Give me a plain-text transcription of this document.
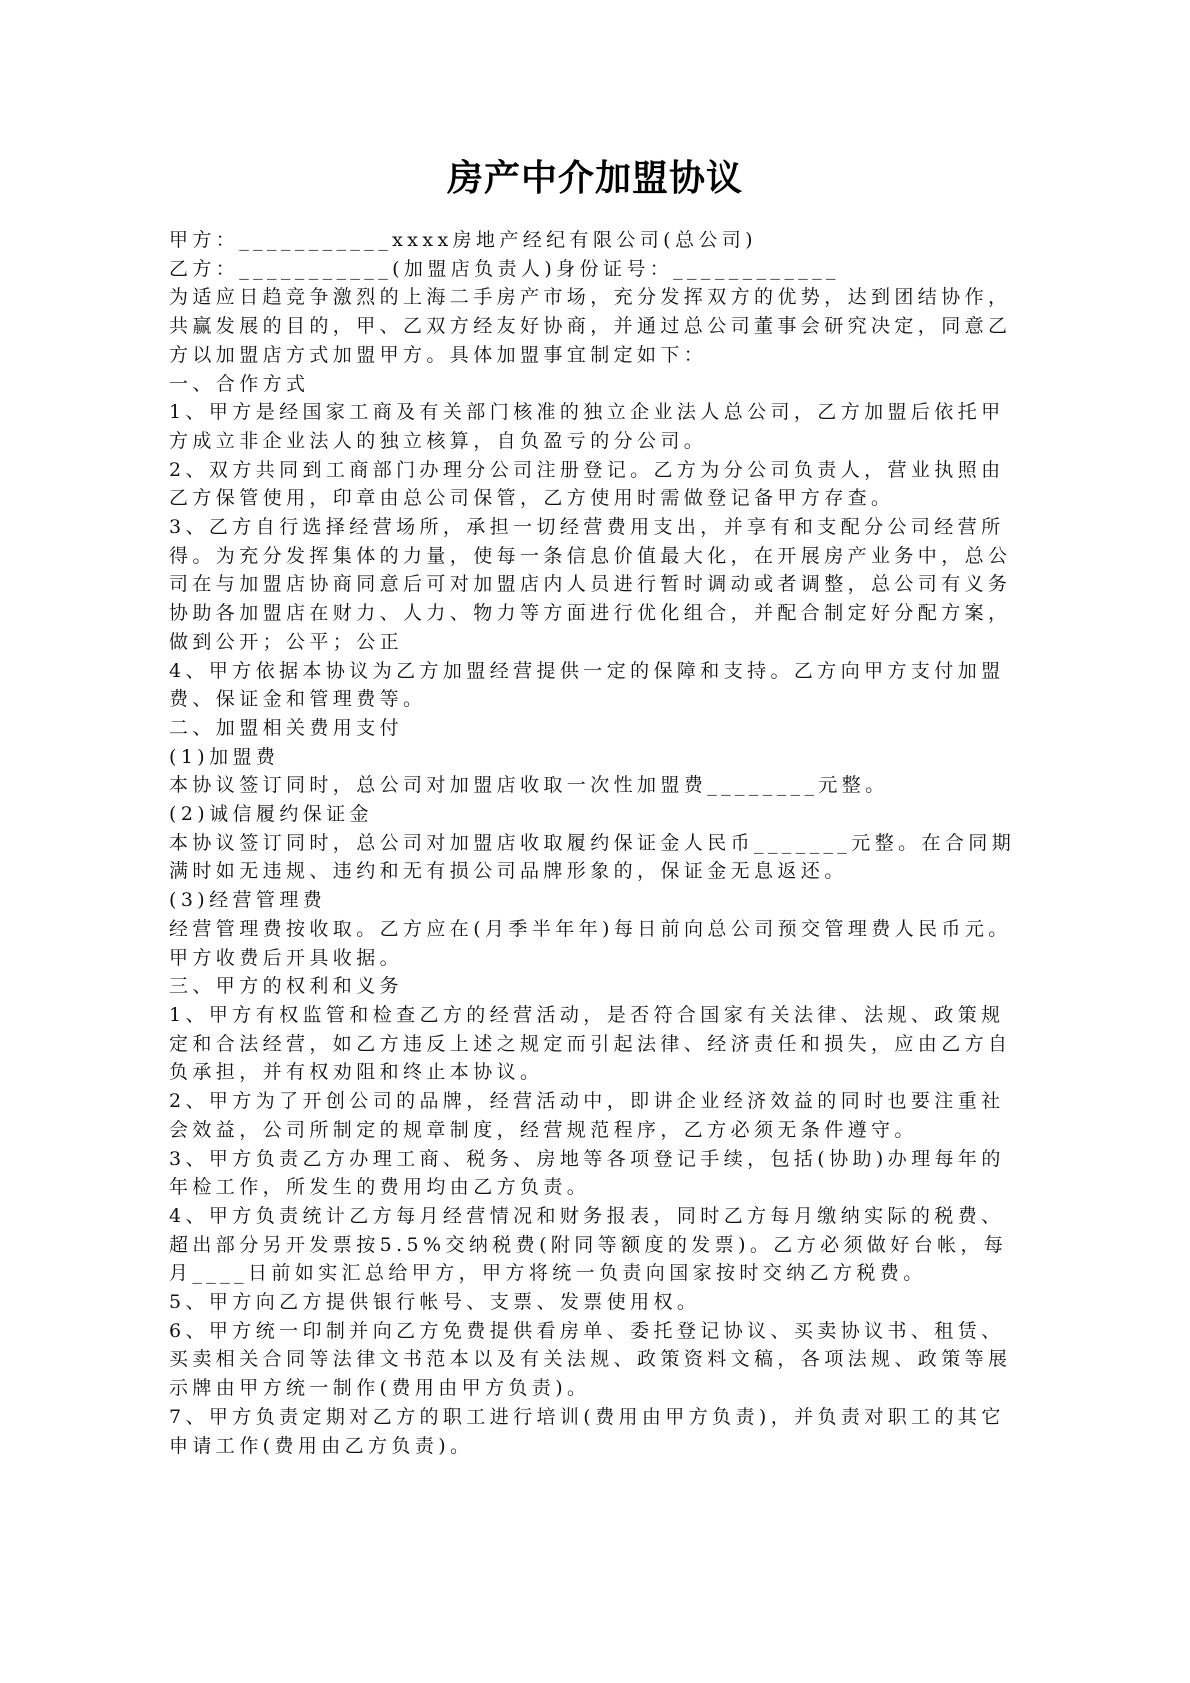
房产中介加盟协议

甲方：___________xxxx房地产经纪有限公司(总公司)

乙方：___________(加盟店负责人)身份证号：____________

为适应日趋竞争激烈的上海二手房产市场，充分发挥双方的优势，达到团结协作，共赢发展的目的，甲、乙双方经友好协商，并通过总公司董事会研究决定，同意乙方以加盟店方式加盟甲方。具体加盟事宜制定如下：

一、合作方式

1、甲方是经国家工商及有关部门核准的独立企业法人总公司，乙方加盟后依托甲方成立非企业法人的独立核算，自负盈亏的分公司。

2、双方共同到工商部门办理分公司注册登记。乙方为分公司负责人，营业执照由乙方保管使用，印章由总公司保管，乙方使用时需做登记备甲方存查。

3、乙方自行选择经营场所，承担一切经营费用支出，并享有和支配分公司经营所得。为充分发挥集体的力量，使每一条信息价值最大化，在开展房产业务中，总公司在与加盟店协商同意后可对加盟店内人员进行暂时调动或者调整，总公司有义务协助各加盟店在财力、人力、物力等方面进行优化组合，并配合制定好分配方案，做到公开；公平；公正

4、甲方依据本协议为乙方加盟经营提供一定的保障和支持。乙方向甲方支付加盟费、保证金和管理费等。

二、加盟相关费用支付

(1)加盟费

本协议签订同时，总公司对加盟店收取一次性加盟费________元整。

(2)诚信履约保证金

本协议签订同时，总公司对加盟店收取履约保证金人民币_______元整。在合同期满时如无违规、违约和无有损公司品牌形象的，保证金无息返还。

(3)经营管理费

经营管理费按收取。乙方应在(月季半年年)每日前向总公司预交管理费人民币元。甲方收费后开具收据。

三、甲方的权利和义务

1、甲方有权监管和检查乙方的经营活动，是否符合国家有关法律、法规、政策规定和合法经营，如乙方违反上述之规定而引起法律、经济责任和损失，应由乙方自负承担，并有权劝阻和终止本协议。

2、甲方为了开创公司的品牌，经营活动中，即讲企业经济效益的同时也要注重社会效益，公司所制定的规章制度，经营规范程序，乙方必须无条件遵守。

3、甲方负责乙方办理工商、税务、房地等各项登记手续，包括(协助)办理每年的年检工作，所发生的费用均由乙方负责。

4、甲方负责统计乙方每月经营情况和财务报表，同时乙方每月缴纳实际的税费、超出部分另开发票按5.5%交纳税费(附同等额度的发票)。乙方必须做好台帐，每月____日前如实汇总给甲方，甲方将统一负责向国家按时交纳乙方税费。

5、甲方向乙方提供银行帐号、支票、发票使用权。

6、甲方统一印制并向乙方免费提供看房单、委托登记协议、买卖协议书、租赁、买卖相关合同等法律文书范本以及有关法规、政策资料文稿，各项法规、政策等展示牌由甲方统一制作(费用由甲方负责)。

7、甲方负责定期对乙方的职工进行培训(费用由甲方负责)，并负责对职工的其它申请工作(费用由乙方负责)。
